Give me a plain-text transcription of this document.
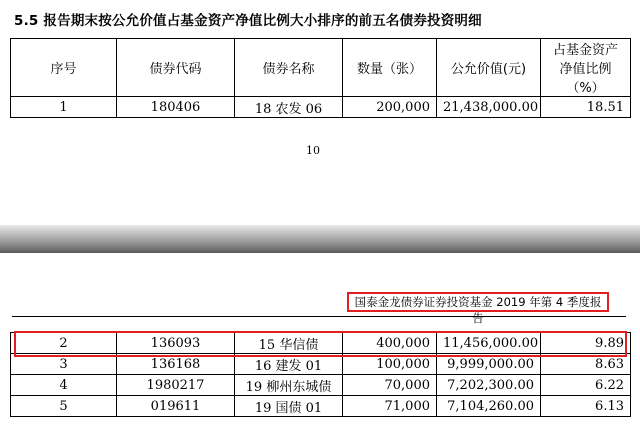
5.5 报告期末按公允价值占基金资产净值比例大小排序的前五名债券投资明细
序号	债券代码	债券名称	数量（张）	公允价值(元)	占基金资产净值比例（%）
1	180406	18 农发 06	200,000	21,438,000.00	18.51
10
国泰金龙债券证券投资基金 2019 年第 4 季度报告
2	136093	15 华信债	400,000	11,456,000.00	9.89
3	136168	16 建发 01	100,000	9,999,000.00	8.63
4	1980217	19 柳州东城债	70,000	7,202,300.00	6.22
5	019611	19 国债 01	71,000	7,104,260.00	6.13
